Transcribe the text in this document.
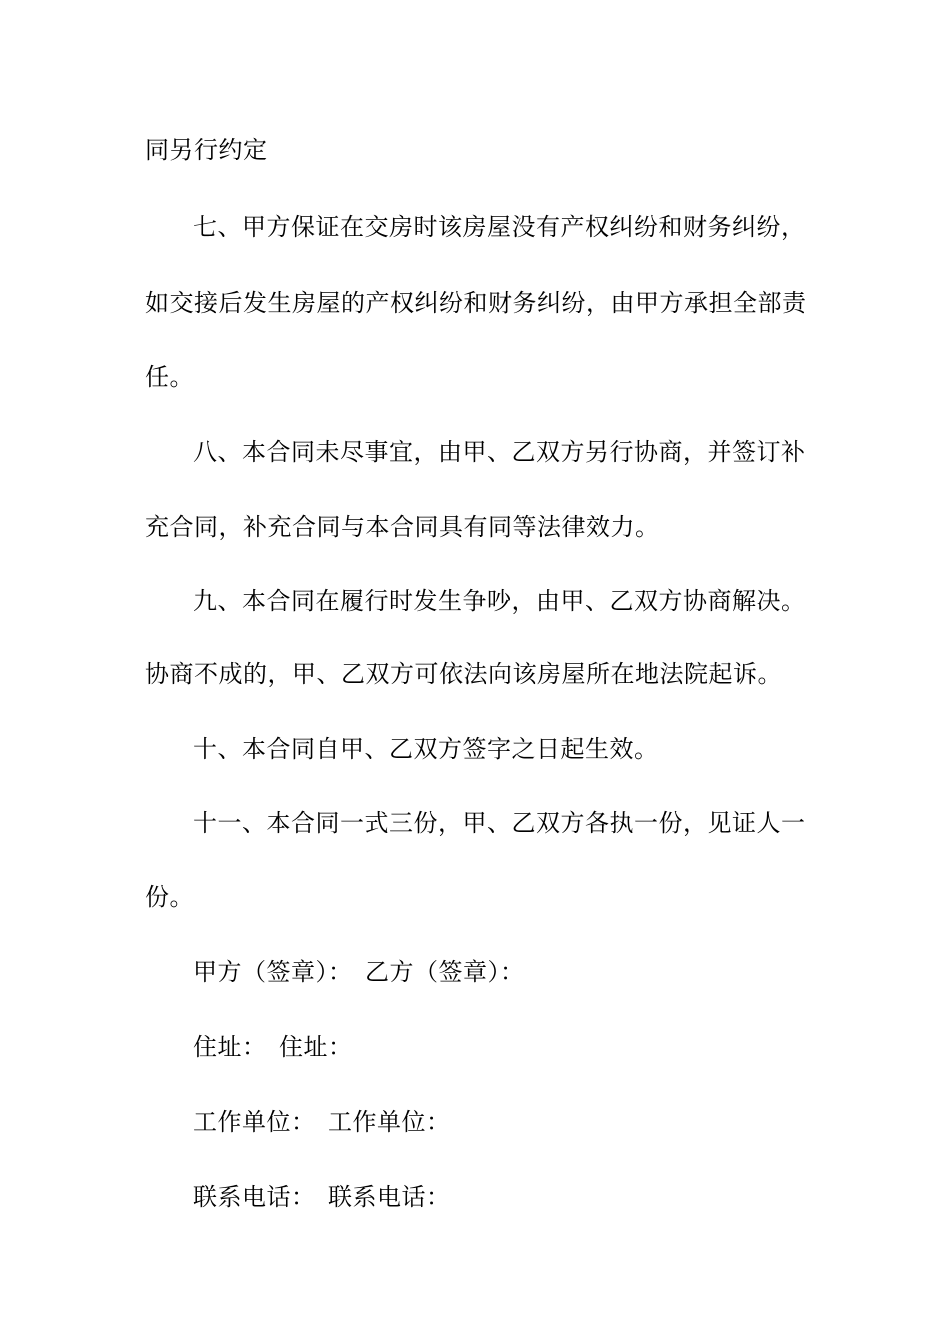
同另行约定
七、甲方保证在交房时该房屋没有产权纠纷和财务纠纷，
如交接后发生房屋的产权纠纷和财务纠纷，由甲方承担全部责
任。
八、本合同未尽事宜，由甲、乙双方另行协商，并签订补
充合同，补充合同与本合同具有同等法律效力。
九、本合同在履行时发生争吵，由甲、乙双方协商解决。
协商不成的，甲、乙双方可依法向该房屋所在地法院起诉。
十、本合同自甲、乙双方签字之日起生效。
十一、本合同一式三份，甲、乙双方各执一份，见证人一
份。
甲方（签章）：　乙方（签章）：
住址：　住址：
工作单位：　工作单位：
联系电话：　联系电话：
